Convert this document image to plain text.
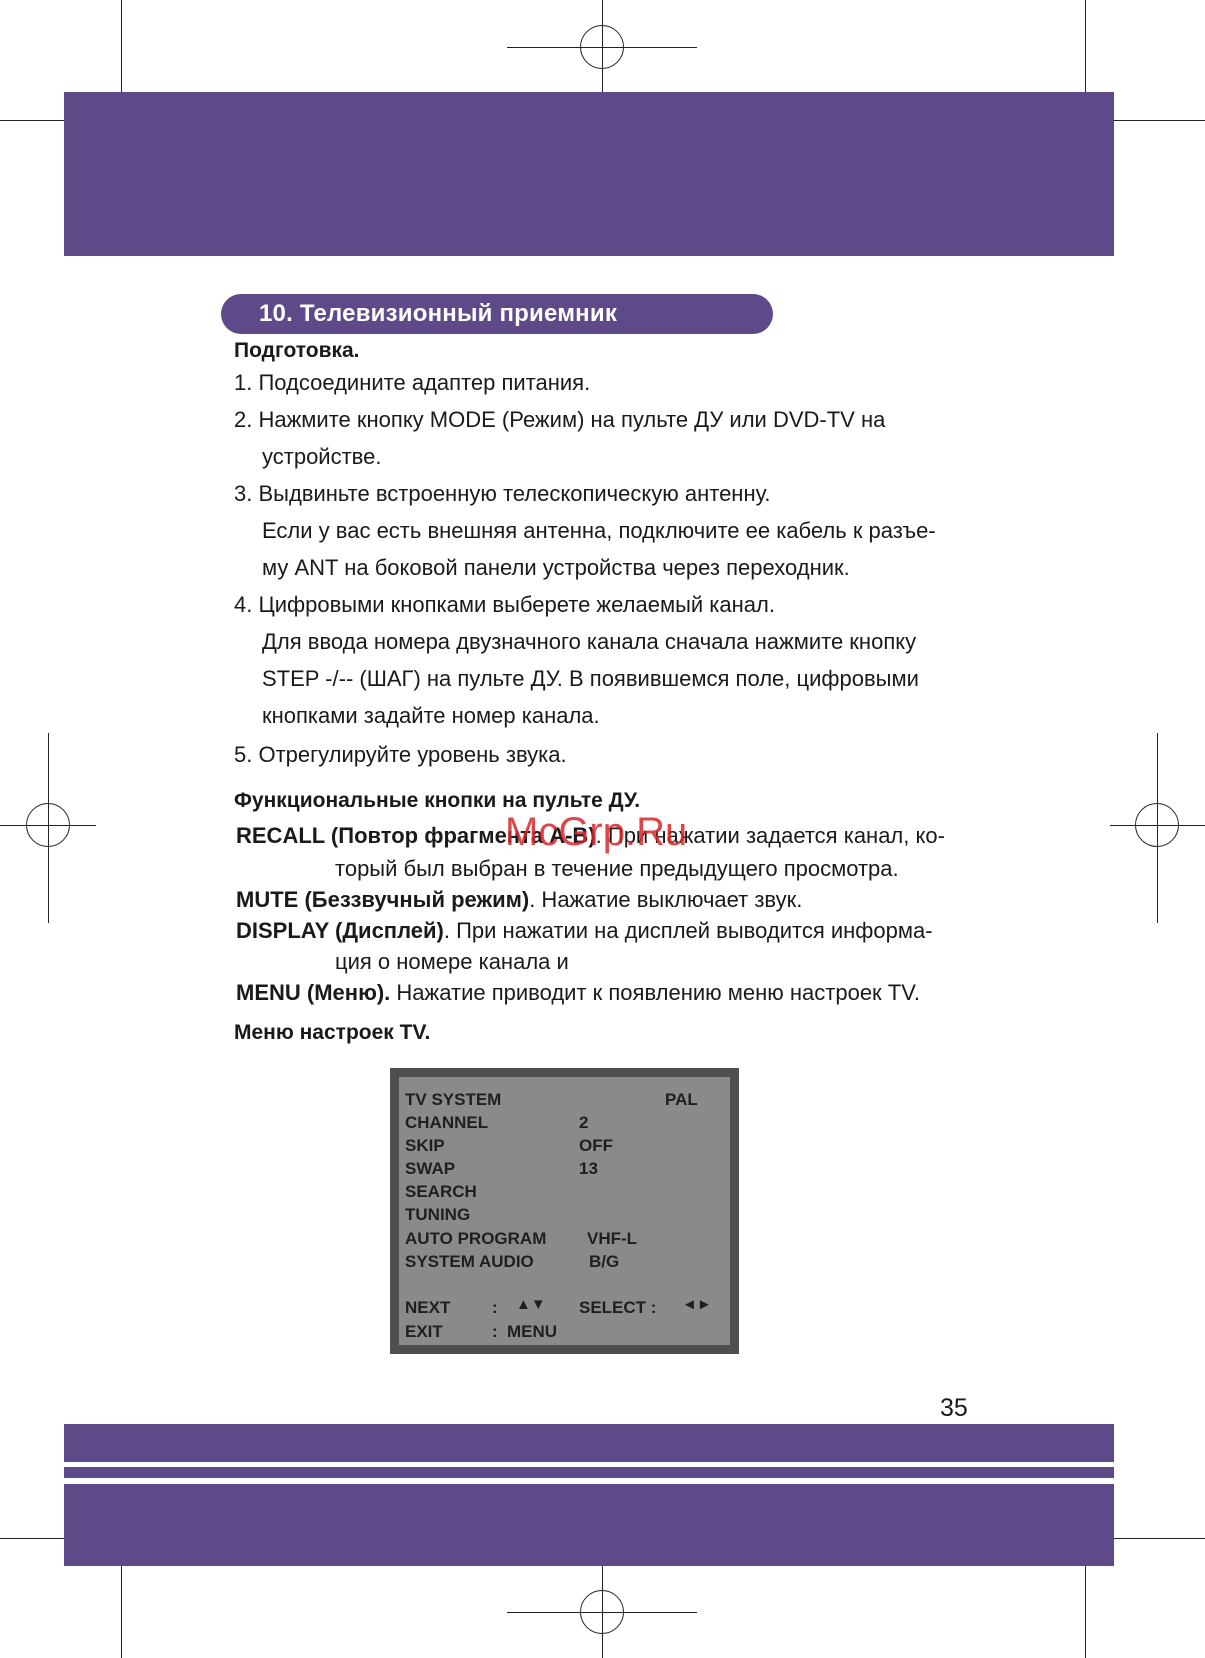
10. Телевизионный приемник
Подготовка.
1. Подсоедините адаптер питания.
2. Нажмите кнопку MODE (Режим) на пульте ДУ или DVD-TV на
устройстве.
3. Выдвиньте встроенную телескопическую антенну.
Если у вас есть внешняя антенна, подключите ее кабель к разъе-
му ANT на боковой панели устройства через переходник.
4. Цифровыми кнопками выберете желаемый канал.
Для ввода номера двузначного канала сначала нажмите кнопку
STEP -/-- (ШАГ) на пульте ДУ. В появившемся поле, цифровыми
кнопками задайте номер канала.
5. Отрегулируйте уровень звука.
Функциональные кнопки на пульте ДУ.
RECALL (Повтор фрагмента A-B). При нажатии задается канал, ко-
торый был выбран в течение предыдущего просмотра.
MUTE (Беззвучный режим). Нажатие выключает звук.
DISPLAY (Дисплей). При нажатии на дисплей выводится информа-
ция о номере канала и
MENU (Меню). Нажатие приводит к появлению меню настроек TV.
Меню настроек TV.
McGrp.Ru
TV SYSTEM	PAL
CHANNEL	2
SKIP	OFF
SWAP	13
SEARCH
TUNING
AUTO PROGRAM VHF-L
SYSTEM AUDIO	B/G
NEXT : ▲▼ SELECT : ◄►
EXIT	: MENU
35
